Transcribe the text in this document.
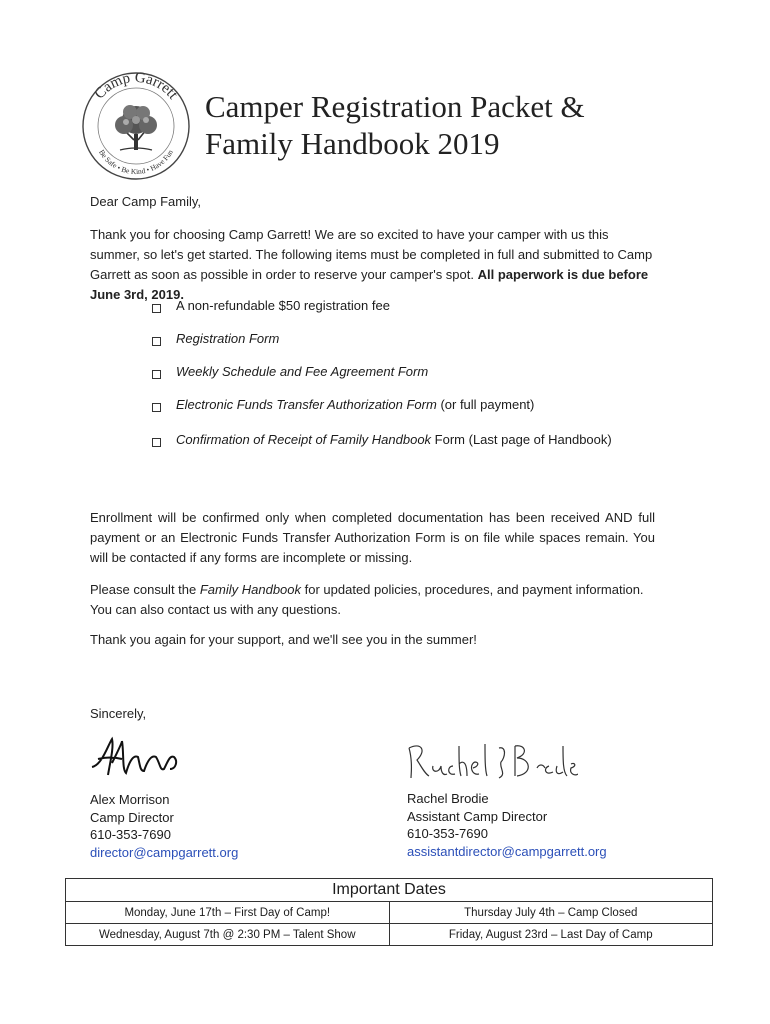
Camp Garrett
Be Safe • Be Kind • Have Fun
Camper Registration Packet &
Family Handbook 2019
Dear Camp Family,
Thank you for choosing Camp Garrett! We are so excited to have your camper with us this summer, so let's get started. The following items must be completed in full and submitted to Camp Garrett as soon as possible in order to reserve your camper's spot. All paperwork is due before June 3rd, 2019.
A non-refundable $50 registration fee
Registration Form
Weekly Schedule and Fee Agreement Form
Electronic Funds Transfer Authorization Form (or full payment)
Confirmation of Receipt of Family Handbook Form (Last page of Handbook)
Enrollment will be confirmed only when completed documentation has been received AND full payment or an Electronic Funds Transfer Authorization Form is on file while spaces remain. You will be contacted if any forms are incomplete or missing.
Please consult the Family Handbook for updated policies, procedures, and payment information. You can also contact us with any questions.
Thank you again for your support, and we'll see you in the summer!
Sincerely,
Alex Morrison
Camp Director
610-353-7690
director@campgarrett.org
Rachel Brodie
Assistant Camp Director
610-353-7690
assistantdirector@campgarrett.org
Important Dates	
Monday, June 17th – First Day of Camp!	Thursday July 4th – Camp Closed
Wednesday, August 7th @ 2:30 PM – Talent Show	Friday, August 23rd – Last Day of Camp
